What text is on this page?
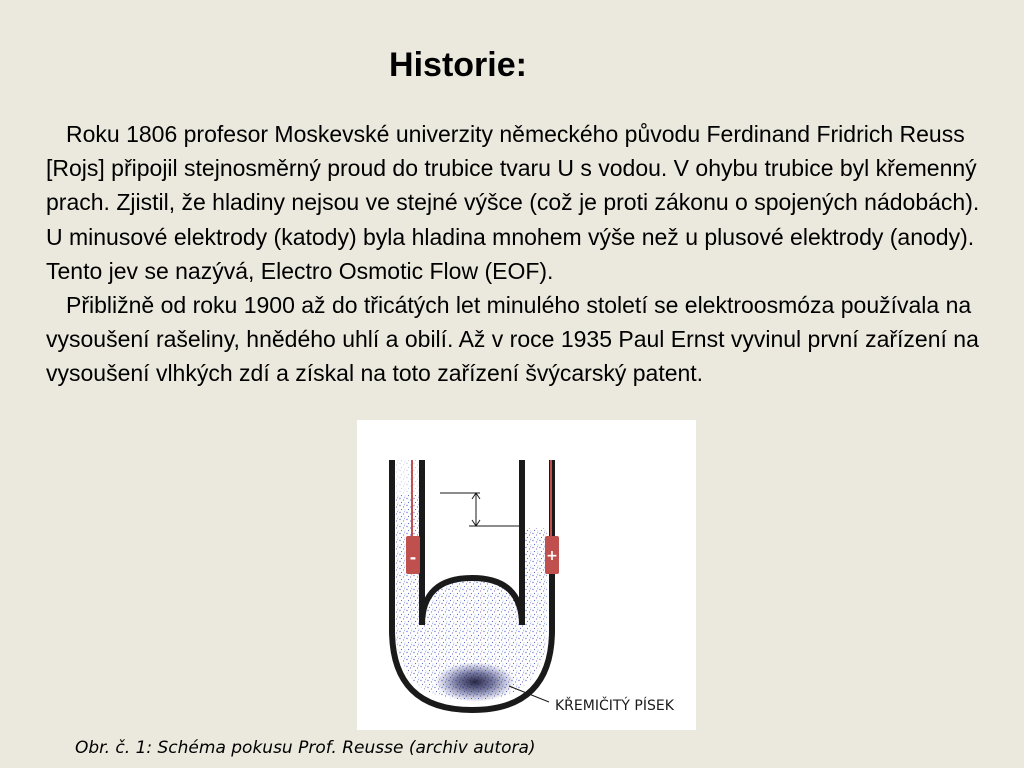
Historie:
-	+
KŘEMIČITÝ PÍSEK

Roku 1806 profesor Moskevské univerzity německého původu Ferdinand Fridrich Reuss [Rojs] připojil stejnosměrný proud do trubice tvaru U s vodou. V ohybu trubice byl křemenný prach. Zjistil, že hladiny nejsou ve stejné výšce (což je proti zákonu o spojených nádobách). U minusové elektrody (katody) byla hladina mnohem výše než u plusové elektrody (anody). Tento jev se nazývá, Electro Osmotic Flow (EOF).

Přibližně od roku 1900 až do třicátých let minulého století se elektroosmóza používala na vysoušení rašeliny, hnědého uhlí a obilí. Až v roce 1935 Paul Ernst vyvinul první zařízení na vysoušení vlhkých zdí a získal na toto zařízení švýcarský patent.

Obr. č. 1: Schéma pokusu Prof. Reusse (archiv autora)
